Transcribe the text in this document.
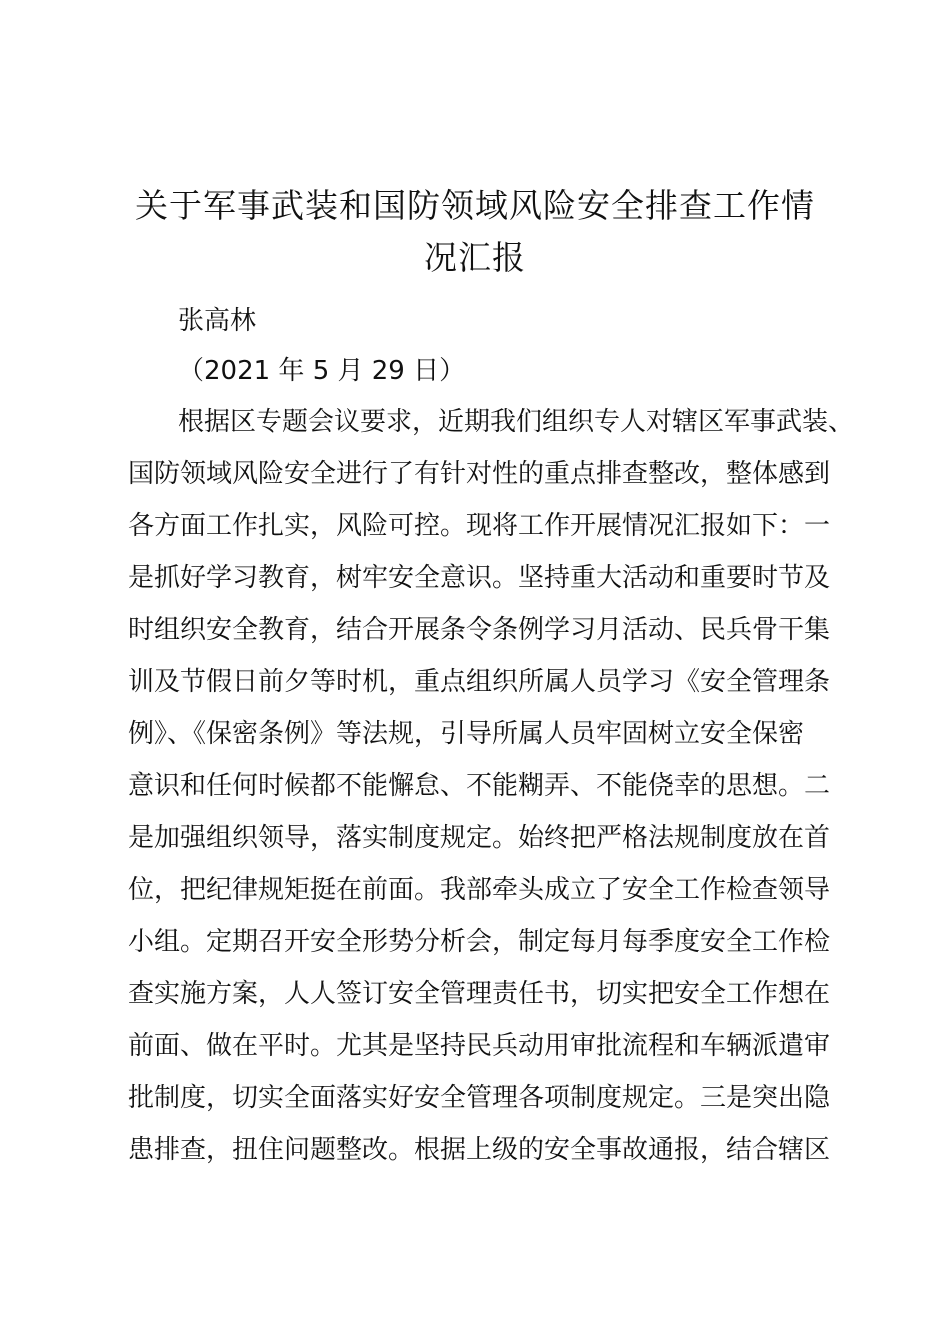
关于军事武装和国防领域风险安全排查工作情
况汇报
张高林
（2021 年 5 月 29 日）
根据区专题会议要求，近期我们组织专人对辖区军事武装、
国防领域风险安全进行了有针对性的重点排查整改，整体感到
各方面工作扎实，风险可控。现将工作开展情况汇报如下：一
是抓好学习教育，树牢安全意识。坚持重大活动和重要时节及
时组织安全教育，结合开展条令条例学习月活动、民兵骨干集
训及节假日前夕等时机，重点组织所属人员学习《安全管理条
例》、《保密条例》等法规，引导所属人员牢固树立安全保密
意识和任何时候都不能懈怠、不能糊弄、不能侥幸的思想。二
是加强组织领导，落实制度规定。始终把严格法规制度放在首
位，把纪律规矩挺在前面。我部牵头成立了安全工作检查领导
小组。定期召开安全形势分析会，制定每月每季度安全工作检
查实施方案，人人签订安全管理责任书，切实把安全工作想在
前面、做在平时。尤其是坚持民兵动用审批流程和车辆派遣审
批制度，切实全面落实好安全管理各项制度规定。三是突出隐
患排查，扭住问题整改。根据上级的安全事故通报，结合辖区
